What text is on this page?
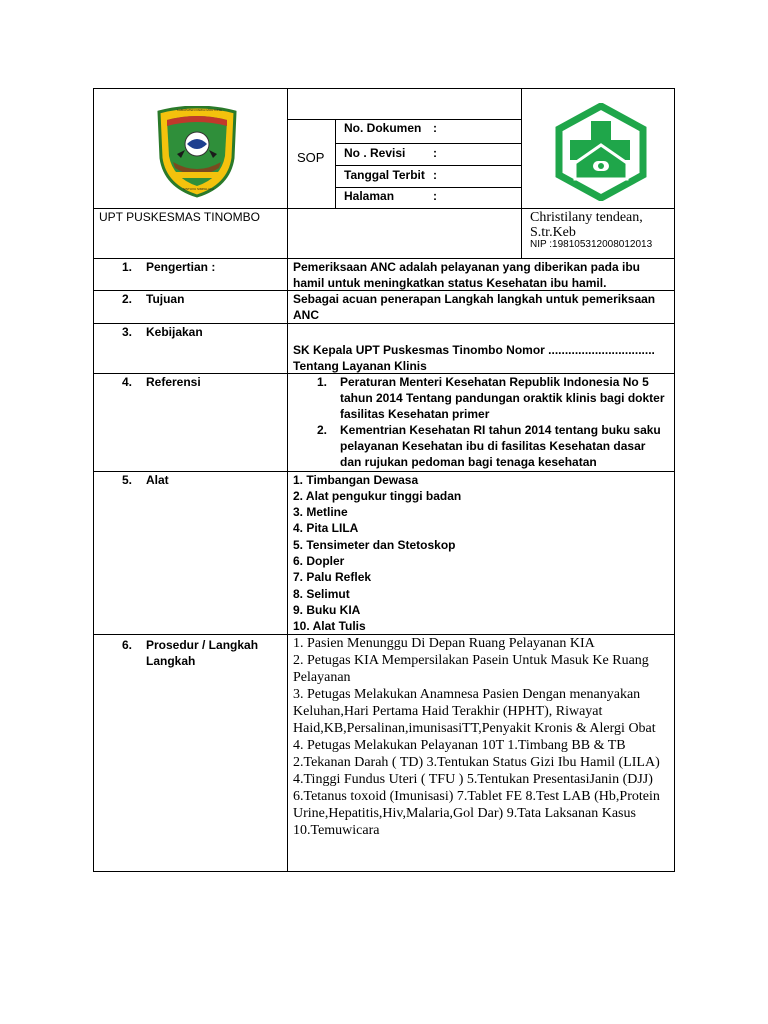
KABUPATEN PARIGI MOUTONG
SINTUVU SIMPALULU
SOP
No. Dokumen :
No . Revisi :
Tanggal Terbit :
Halaman	:
UPT PUSKESMAS TINOMBO	Christilany tendean,
S.tr.Keb
NIP :198105312008012013
1. Pengertian :	Pemeriksaan ANC adalah pelayanan yang diberikan pada ibu hamil untuk meningkatkan status Kesehatan ibu hamil.
2. Tujuan	Sebagai acuan penerapan Langkah langkah untuk pemeriksaan ANC
3. Kebijakan
SK Kepala UPT Puskesmas Tinombo Nomor ................................ Tentang Layanan Klinis
4. Referensi	1. Peraturan Menteri Kesehatan Republik Indonesia No 5 tahun 2014 Tentang pandungan oraktik klinis bagi dokter fasilitas Kesehatan primer
2. Kementrian Kesehatan RI tahun 2014 tentang buku saku pelayanan Kesehatan ibu di fasilitas Kesehatan dasar dan rujukan pedoman bagi tenaga kesehatan
5. Alat	1. Timbangan Dewasa
2. Alat pengukur tinggi badan
3. Metline
4. Pita LILA
5. Tensimeter dan Stetoskop
6. Dopler
7. Palu Reflek
8. Selimut
9. Buku KIA
10. Alat Tulis
6. Prosedur / Langkah Langkah
1. Pasien Menunggu Di Depan Ruang Pelayanan KIA
2. Petugas KIA Mempersilakan Pasein Untuk Masuk Ke Ruang Pelayanan
3. Petugas Melakukan Anamnesa Pasien Dengan menanyakan Keluhan,Hari Pertama Haid Terakhir (HPHT), Riwayat Haid,KB,Persalinan,imunisasiTT,Penyakit Kronis & Alergi Obat
4. Petugas Melakukan Pelayanan 10T 1.Timbang BB & TB 2.Tekanan Darah ( TD) 3.Tentukan Status Gizi Ibu Hamil (LILA) 4.Tinggi Fundus Uteri ( TFU ) 5.Tentukan PresentasiJanin (DJJ) 6.Tetanus toxoid (Imunisasi) 7.Tablet FE 8.Test LAB (Hb,Protein Urine,Hepatitis,Hiv,Malaria,Gol Dar) 9.Tata Laksanan Kasus 10.Temuwicara
